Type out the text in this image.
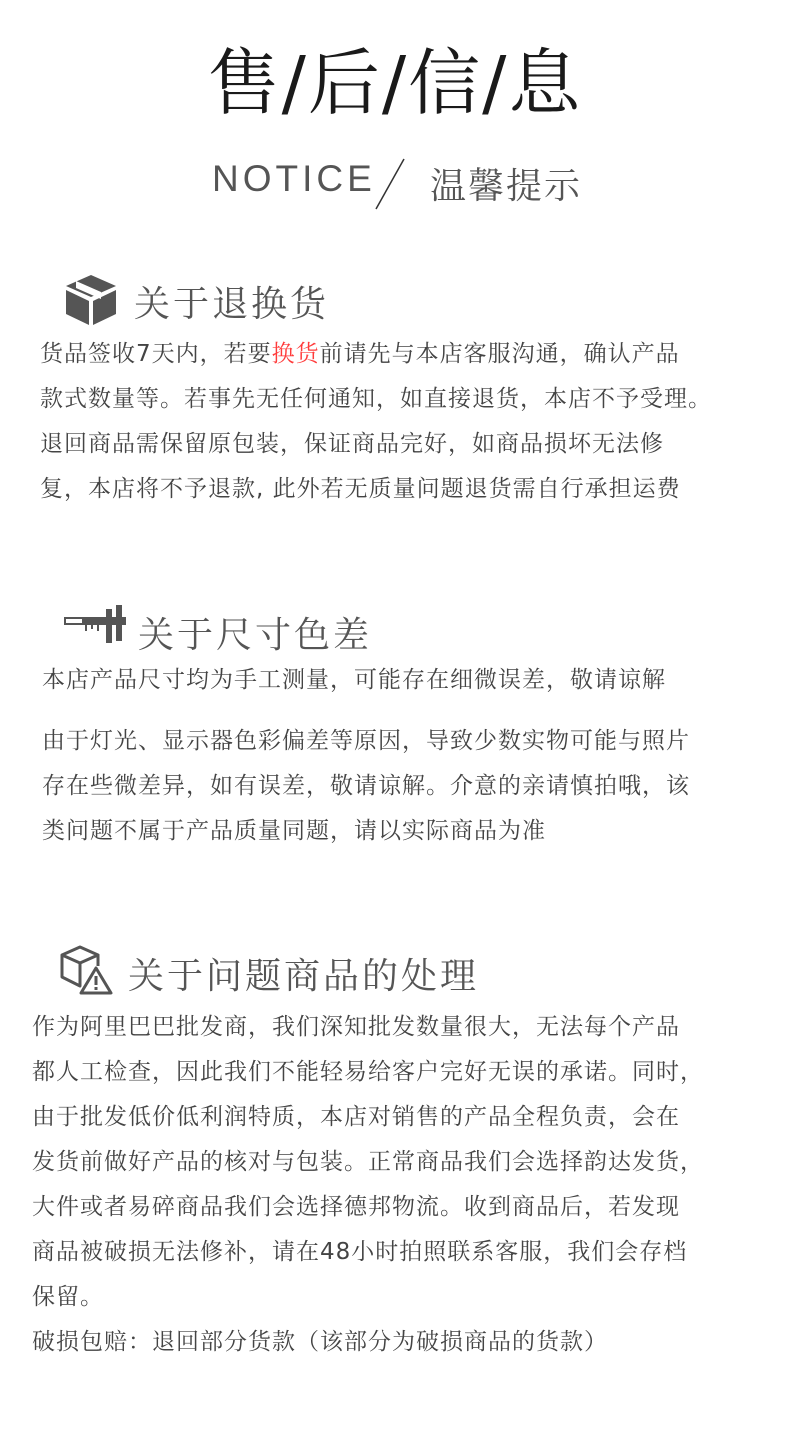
售/后/信/息
NOTICE 温馨提示
关于退换货
货品签收7天内，若要换货前请先与本店客服沟通，确认产品
款式数量等。若事先无任何通知，如直接退货，本店不予受理。
退回商品需保留原包装，保证商品完好，如商品损坏无法修
复，本店将不予退款, 此外若无质量问题退货需自行承担运费
关于尺寸色差
本店产品尺寸均为手工测量，可能存在细微误差，敬请谅解
由于灯光、显示器色彩偏差等原因，导致少数实物可能与照片
存在些微差异，如有误差，敬请谅解。介意的亲请慎拍哦，该
类问题不属于产品质量同题，请以实际商品为准
关于问题商品的处理
作为阿里巴巴批发商，我们深知批发数量很大，无法每个产品
都人工检查，因此我们不能轻易给客户完好无误的承诺。同时，
由于批发低价低利润特质，本店对销售的产品全程负责，会在
发货前做好产品的核对与包装。正常商品我们会选择韵达发货，
大件或者易碎商品我们会选择德邦物流。收到商品后，若发现
商品被破损无法修补，请在48小时拍照联系客服，我们会存档
保留。
破损包赔：退回部分货款（该部分为破损商品的货款）
